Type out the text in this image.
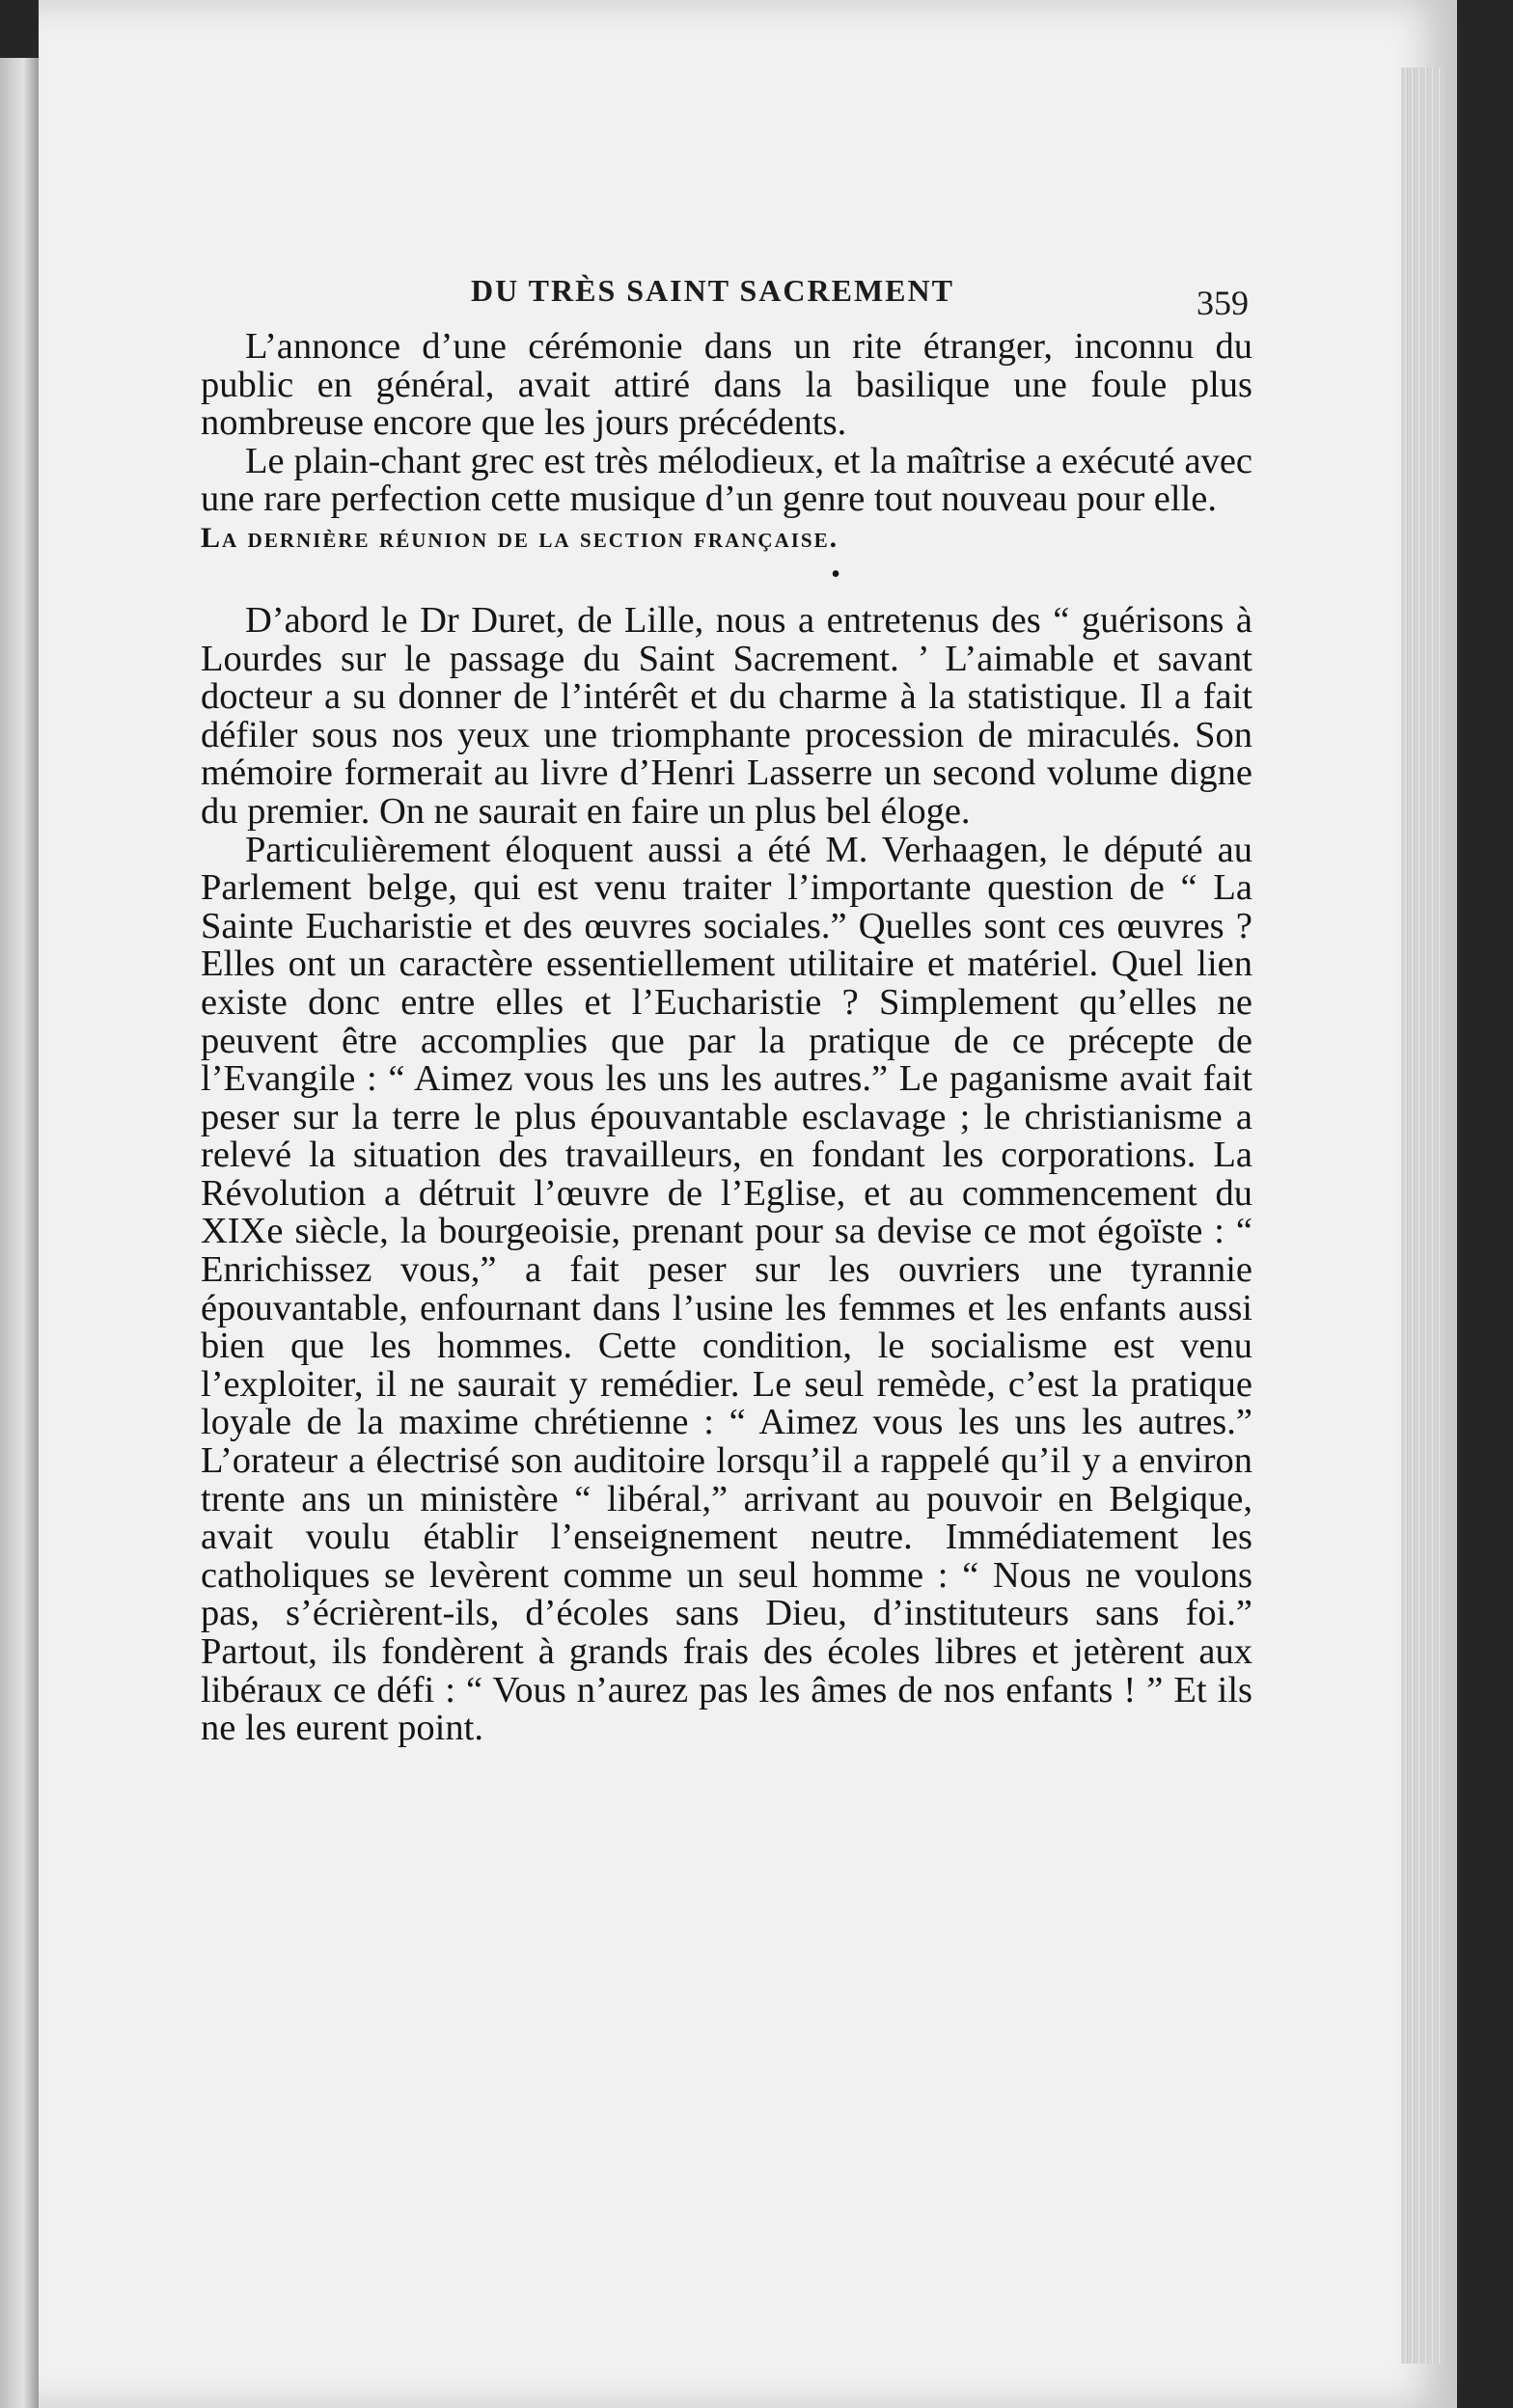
DU TRÈS SAINT SACREMENT	359

L’annonce d’une cérémonie dans un rite étranger, inconnu du public en général, avait attiré dans la basilique une foule plus nombreuse encore que les jours précédents.

Le plain-chant grec est très mélodieux, et la maîtrise a exécuté avec une rare perfection cette musique d’un genre tout nouveau pour elle.

La dernière réunion de la section française.

•

D’abord le Dr Duret, de Lille, nous a entretenus des “ guérisons à Lourdes sur le passage du Saint Sacrement. ’ L’aimable et savant docteur a su donner de l’intérêt et du charme à la statistique. Il a fait défiler sous nos yeux une triomphante procession de miraculés. Son mémoire formerait au livre d’Henri Lasserre un second volume digne du premier. On ne saurait en faire un plus bel éloge.

Particulièrement éloquent aussi a été M. Verhaagen, le député au Parlement belge, qui est venu traiter l’importante question de “ La Sainte Eucharistie et des œuvres sociales.” Quelles sont ces œuvres ? Elles ont un caractère essentiellement utilitaire et matériel. Quel lien existe donc entre elles et l’Eucharistie ? Simplement qu’elles ne peuvent être accomplies que par la pratique de ce précepte de l’Evangile : “ Aimez vous les uns les autres.” Le paganisme avait fait peser sur la terre le plus épouvantable esclavage ; le christianisme a relevé la situation des travailleurs, en fondant les corporations. La Révolution a détruit l’œuvre de l’Eglise, et au commencement du XIXe siècle, la bourgeoisie, prenant pour sa devise ce mot égoïste : “ Enrichissez vous,” a fait peser sur les ouvriers une tyrannie épouvantable, enfournant dans l’usine les femmes et les enfants aussi bien que les hommes. Cette condition, le socialisme est venu l’exploiter, il ne saurait y remédier. Le seul remède, c’est la pratique loyale de la maxime chrétienne : “ Aimez vous les uns les autres.” L’orateur a électrisé son auditoire lorsqu’il a rappelé qu’il y a environ trente ans un ministère “ libéral,” arrivant au pouvoir en Belgique, avait voulu établir l’enseignement neutre. Immédiatement les catholiques se levèrent comme un seul homme : “ Nous ne voulons pas, s’écrièrent-ils, d’écoles sans Dieu, d’instituteurs sans foi.” Partout, ils fondèrent à grands frais des écoles libres et jetèrent aux libéraux ce défi : “ Vous n’aurez pas les âmes de nos enfants ! ” Et ils ne les eurent point.
